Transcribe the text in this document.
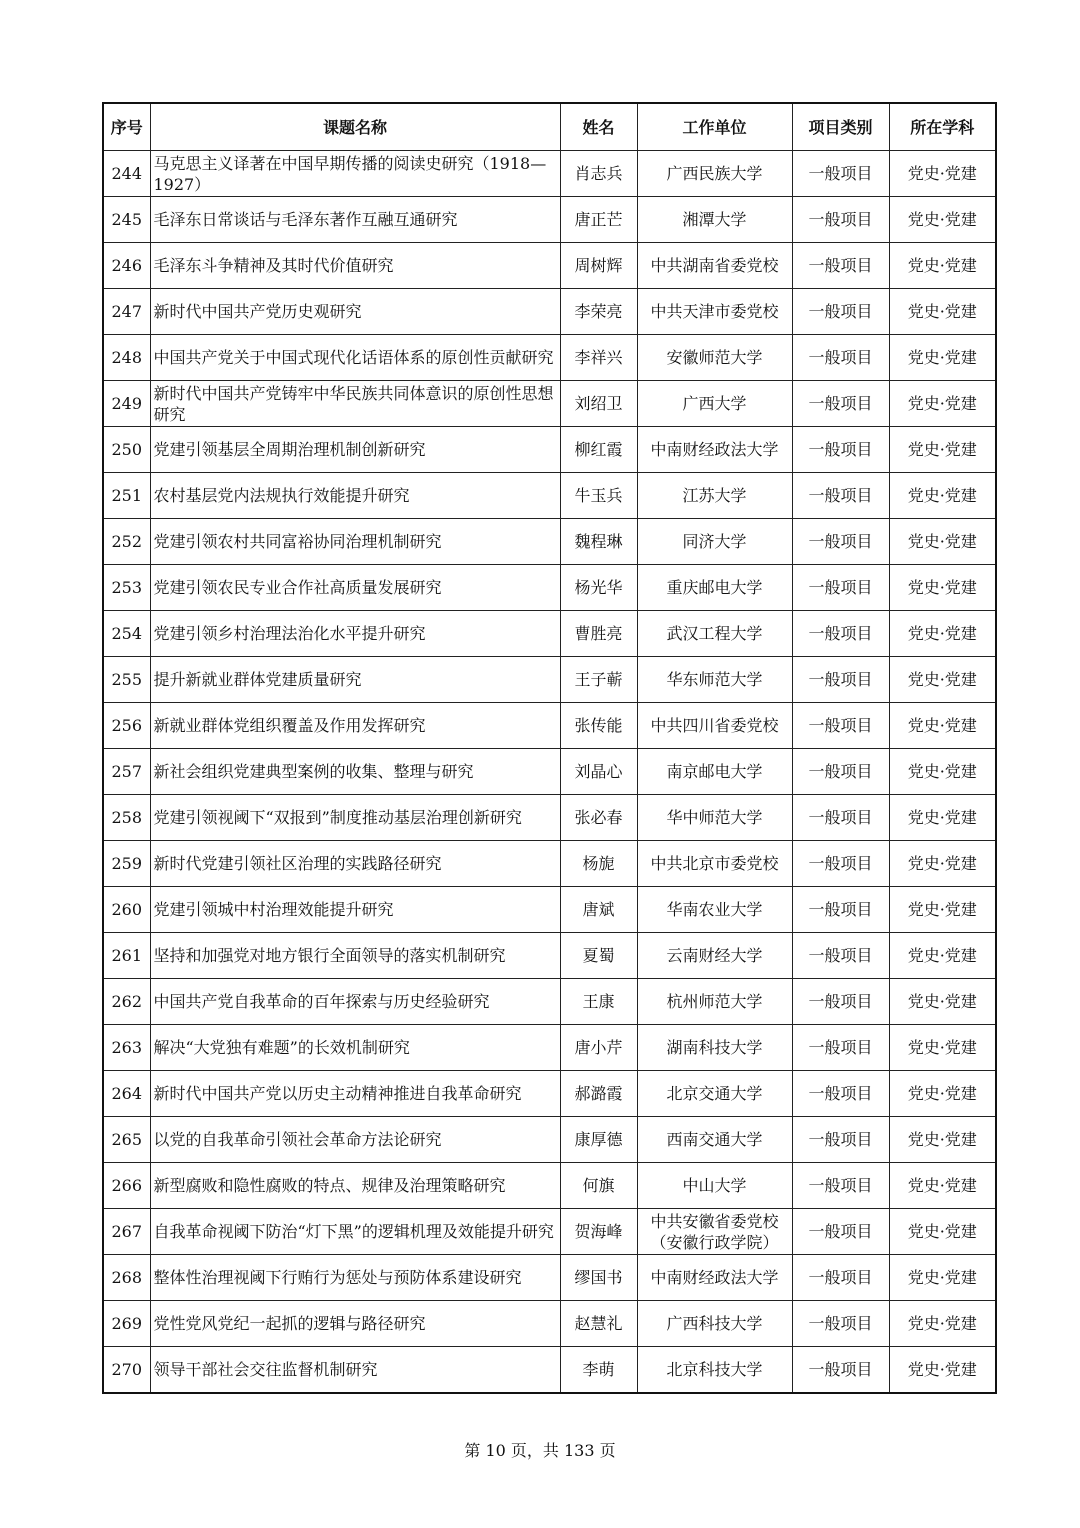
序号	课题名称	姓名	工作单位	项目类别	所在学科
244	马克思主义译著在中国早期传播的阅读史研究（1918—1927）	肖志兵	广西民族大学	一般项目	党史·党建
245	毛泽东日常谈话与毛泽东著作互融互通研究	唐正芒	湘潭大学	一般项目	党史·党建
246	毛泽东斗争精神及其时代价值研究	周树辉	中共湖南省委党校	一般项目	党史·党建
247	新时代中国共产党历史观研究	李荣亮	中共天津市委党校	一般项目	党史·党建
248	中国共产党关于中国式现代化话语体系的原创性贡献研究	李祥兴	安徽师范大学	一般项目	党史·党建
249	新时代中国共产党铸牢中华民族共同体意识的原创性思想研究	刘绍卫	广西大学	一般项目	党史·党建
250	党建引领基层全周期治理机制创新研究	柳红霞	中南财经政法大学	一般项目	党史·党建
251	农村基层党内法规执行效能提升研究	牛玉兵	江苏大学	一般项目	党史·党建
252	党建引领农村共同富裕协同治理机制研究	魏程琳	同济大学	一般项目	党史·党建
253	党建引领农民专业合作社高质量发展研究	杨光华	重庆邮电大学	一般项目	党史·党建
254	党建引领乡村治理法治化水平提升研究	曹胜亮	武汉工程大学	一般项目	党史·党建
255	提升新就业群体党建质量研究	王子蕲	华东师范大学	一般项目	党史·党建
256	新就业群体党组织覆盖及作用发挥研究	张传能	中共四川省委党校	一般项目	党史·党建
257	新社会组织党建典型案例的收集、整理与研究	刘晶心	南京邮电大学	一般项目	党史·党建
258	党建引领视阈下“双报到”制度推动基层治理创新研究	张必春	华中师范大学	一般项目	党史·党建
259	新时代党建引领社区治理的实践路径研究	杨旎	中共北京市委党校	一般项目	党史·党建
260	党建引领城中村治理效能提升研究	唐斌	华南农业大学	一般项目	党史·党建
261	坚持和加强党对地方银行全面领导的落实机制研究	夏蜀	云南财经大学	一般项目	党史·党建
262	中国共产党自我革命的百年探索与历史经验研究	王康	杭州师范大学	一般项目	党史·党建
263	解决“大党独有难题”的长效机制研究	唐小芹	湖南科技大学	一般项目	党史·党建
264	新时代中国共产党以历史主动精神推进自我革命研究	郝潞霞	北京交通大学	一般项目	党史·党建
265	以党的自我革命引领社会革命方法论研究	康厚德	西南交通大学	一般项目	党史·党建
266	新型腐败和隐性腐败的特点、规律及治理策略研究	何旗	中山大学	一般项目	党史·党建
267	自我革命视阈下防治“灯下黑”的逻辑机理及效能提升研究	贺海峰	中共安徽省委党校（安徽行政学院）	一般项目	党史·党建
268	整体性治理视阈下行贿行为惩处与预防体系建设研究	缪国书	中南财经政法大学	一般项目	党史·党建
269	党性党风党纪一起抓的逻辑与路径研究	赵慧礼	广西科技大学	一般项目	党史·党建
270	领导干部社会交往监督机制研究	李萌	北京科技大学	一般项目	党史·党建
第 10 页，共 133 页
